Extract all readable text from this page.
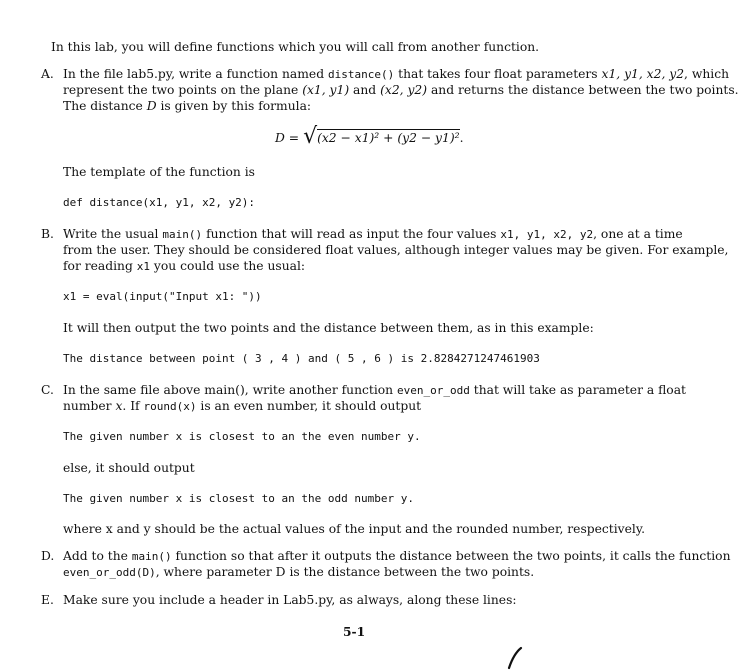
In this lab, you will define functions which you will call from another function.
A. In the file lab5.py, write a function named distance() that takes four float parameters x1, y1, x2, y2, which
represent the two points on the plane (x1, y1) and (x2, y2) and returns the distance between the two points.
The distance D is given by this formula:
D = √ (x2 − x1)² + (y2 − y1)².
The template of the function is
def distance(x1, y1, x2, y2):
B. Write the usual main() function that will read as input the four values x1, y1, x2, y2, one at a time
from the user. They should be considered float values, although integer values may be given. For example,
for reading x1 you could use the usual:
x1 = eval(input("Input x1: "))
It will then output the two points and the distance between them, as in this example:
The distance between point ( 3 , 4 ) and ( 5 , 6 ) is 2.8284271247461903
C. In the same file above main(), write another function even_or_odd that will take as parameter a float
number x. If round(x) is an even number, it should output
The given number x is closest to an the even number y.
else, it should output
The given number x is closest to an the odd number y.
where x and y should be the actual values of the input and the rounded number, respectively.
D. Add to the main() function so that after it outputs the distance between the two points, it calls the function
even_or_odd(D), where parameter D is the distance between the two points.
E. Make sure you include a header in Lab5.py, as always, along these lines:
5-1
